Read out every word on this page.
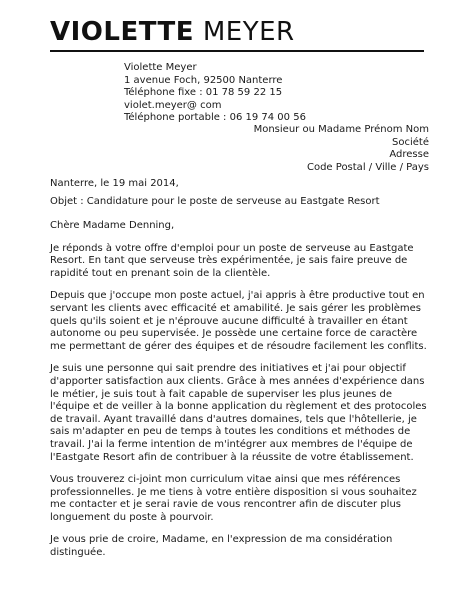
VIOLETTE MEYER
Violette Meyer
1 avenue Foch, 92500 Nanterre
Téléphone fixe : 01 78 59 22 15
violet.meyer@ com
Téléphone portable : 06 19 74 00 56
Monsieur ou Madame Prénom Nom
Société
Adresse
Code Postal / Ville / Pays
Nanterre, le 19 mai 2014,
Objet : Candidature pour le poste de serveuse au Eastgate Resort

Chère Madame Denning,

Je réponds à votre offre d'emploi pour un poste de serveuse au Eastgate Resort. En tant que serveuse très expérimentée, je sais faire preuve de rapidité tout en prenant soin de la clientèle.

Depuis que j'occupe mon poste actuel, j'ai appris à être productive tout en servant les clients avec efficacité et amabilité. Je sais gérer les problèmes quels qu'ils soient et je n'éprouve aucune difficulté à travailler en étant autonome ou peu supervisée. Je possède une certaine force de caractère me permettant de gérer des équipes et de résoudre facilement les conflits.

Je suis une personne qui sait prendre des initiatives et j'ai pour objectif d'apporter satisfaction aux clients. Grâce à mes années d'expérience dans le métier, je suis tout à fait capable de superviser les plus jeunes de l'équipe et de veiller à la bonne application du règlement et des protocoles de travail. Ayant travaillé dans d'autres domaines, tels que l'hôtellerie, je sais m'adapter en peu de temps à toutes les conditions et méthodes de travail. J'ai la ferme intention de m'intégrer aux membres de l'équipe de l'Eastgate Resort afin de contribuer à la réussite de votre établissement.

Vous trouverez ci-joint mon curriculum vitae ainsi que mes références professionnelles. Je me tiens à votre entière disposition si vous souhaitez me contacter et je serai ravie de vous rencontrer afin de discuter plus longuement du poste à pourvoir.

Je vous prie de croire, Madame, en l'expression de ma considération distinguée.
